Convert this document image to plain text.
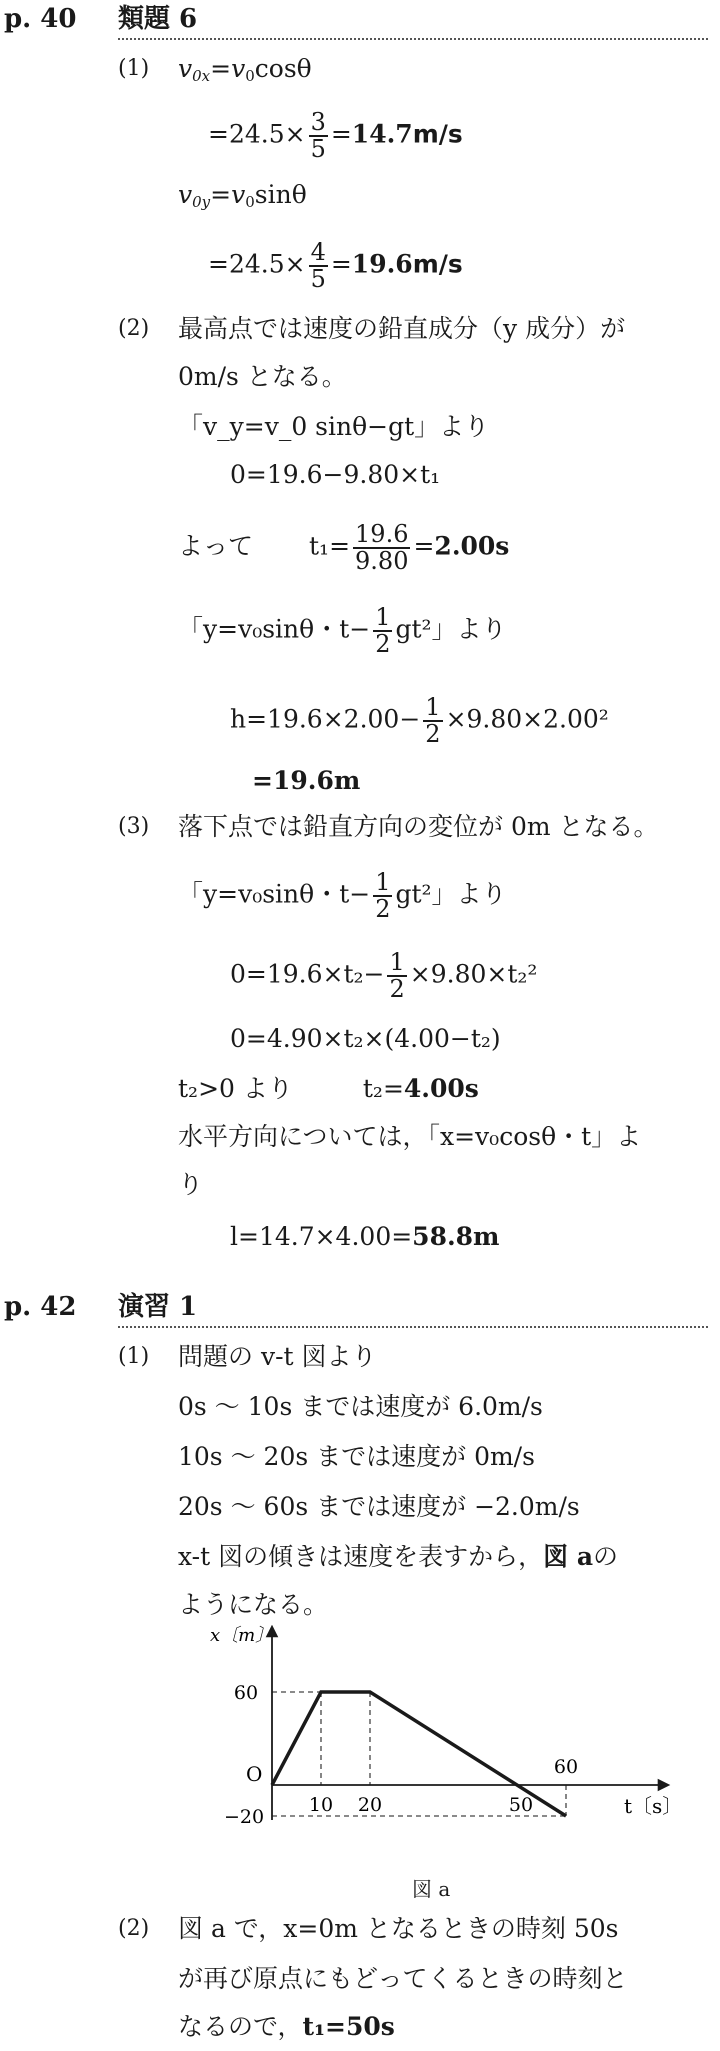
p. 40 類題 6
(1) $v_{0x}=v_0\cos\theta$
$=24.5\times \frac{3}{5} =14.7m/s$
$v_{0y}=v_0\sin\theta$
$=24.5\times \frac{4}{5} =19.6m/s$
(2) 最高点では速度の鉛直成分（y 成分）が
0m/s となる。
「v_y=v_0 sinθ−gt」より
0=19.6−9.80×t₁
よって $t_1= \frac{19.6}{9.80} =2.00s$
「y=v₀sinθ・$t- \frac{1}{2} gt^2$」より
$h=19.6\times 2.00- \frac{1}{2} \times 9.80\times 2.00^2$
=19.6m
(3) 落下点では鉛直方向の変位が 0m となる。
「y=v₀sinθ・$t- \frac{1}{2} gt^2$」より
$0=19.6\times t_2- \frac{1}{2} \times 9.80\times t_2^2$
0=4.90×t₂×(4.00−t₂)
t₂>0 より	t₂=4.00s
水平方向については，「x=v₀cosθ・t」よ
り
l=14.7×4.00=58.8m
p. 42 演習 1
(1) 問題の v-t 図より
0s ～ 10s までは速度が 6.0m/s
10s ～ 20s までは速度が 0m/s
20s ～ 60s までは速度が −2.0m/s
x-t 図の傾きは速度を表すから，図 aの
ようになる。
x〔m〕
t〔s〕
O
10 20	50
60
60
−20
図 a
(2) 図 a で，x=0m となるときの時刻 50s
が再び原点にもどってくるときの時刻と
なるので，t₁=50s
